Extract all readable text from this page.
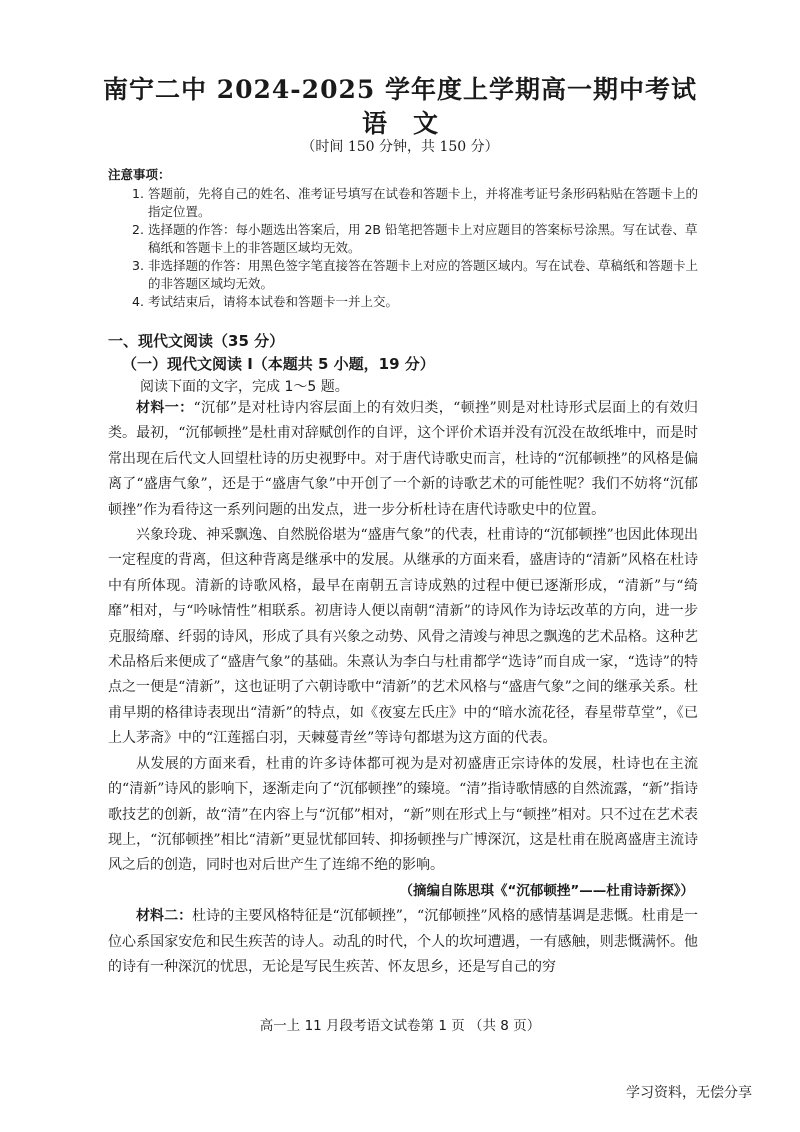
南宁二中 2024-2025 学年度上学期高一期中考试
语文
（时间 150 分钟，共 150 分）
注意事项：
1. 答题前，先将自己的姓名、准考证号填写在试卷和答题卡上，并将准考证号条形码粘贴在答题卡上的指定位置。
2. 选择题的作答：每小题选出答案后，用 2B 铅笔把答题卡上对应题目的答案标号涂黑。写在试卷、草稿纸和答题卡上的非答题区域均无效。
3. 非选择题的作答：用黑色签字笔直接答在答题卡上对应的答题区域内。写在试卷、草稿纸和答题卡上的非答题区域均无效。
4. 考试结束后，请将本试卷和答题卡一并上交。
一、现代文阅读（35 分）
（一）现代文阅读 I（本题共 5 小题，19 分）
阅读下面的文字，完成 1～5 题。

材料一：“沉郁”是对杜诗内容层面上的有效归类，“顿挫”则是对杜诗形式层面上的有效归类。最初，“沉郁顿挫”是杜甫对辞赋创作的自评，这个评价术语并没有沉没在故纸堆中，而是时常出现在后代文人回望杜诗的历史视野中。对于唐代诗歌史而言，杜诗的“沉郁顿挫”的风格是偏离了“盛唐气象”，还是于“盛唐气象”中开创了一个新的诗歌艺术的可能性呢？我们不妨将“沉郁顿挫”作为看待这一系列问题的出发点，进一步分析杜诗在唐代诗歌史中的位置。

兴象玲珑、神采飘逸、自然脱俗堪为“盛唐气象”的代表，杜甫诗的“沉郁顿挫”也因此体现出一定程度的背离，但这种背离是继承中的发展。从继承的方面来看，盛唐诗的“清新”风格在杜诗中有所体现。清新的诗歌风格，最早在南朝五言诗成熟的过程中便已逐渐形成，“清新”与“绮靡”相对，与“吟咏情性”相联系。初唐诗人便以南朝“清新”的诗风作为诗坛改革的方向，进一步克服绮靡、纤弱的诗风，形成了具有兴象之动势、风骨之清竣与神思之飘逸的艺术品格。这种艺术品格后来便成了“盛唐气象”的基础。朱熹认为李白与杜甫都学“选诗”而自成一家，“选诗”的特点之一便是“清新”，这也证明了六朝诗歌中“清新”的艺术风格与“盛唐气象”之间的继承关系。杜甫早期的格律诗表现出“清新”的特点，如《夜宴左氏庄》中的“暗水流花径，春星带草堂”，《已上人茅斋》中的“江莲摇白羽，天棘蔓青丝”等诗句都堪为这方面的代表。

从发展的方面来看，杜甫的许多诗体都可视为是对初盛唐正宗诗体的发展，杜诗也在主流的“清新”诗风的影响下，逐渐走向了“沉郁顿挫”的臻境。“清”指诗歌情感的自然流露，“新”指诗歌技艺的创新，故“清”在内容上与“沉郁”相对，“新”则在形式上与“顿挫”相对。只不过在艺术表现上，“沉郁顿挫”相比“清新”更显忧郁回转、抑扬顿挫与广博深沉，这是杜甫在脱离盛唐主流诗风之后的创造，同时也对后世产生了连绵不绝的影响。

（摘编自陈思琪《“沉郁顿挫”——杜甫诗新探》）

材料二：杜诗的主要风格特征是“沉郁顿挫”，“沉郁顿挫”风格的感情基调是悲慨。杜甫是一位心系国家安危和民生疾苦的诗人。动乱的时代，个人的坎坷遭遇，一有感触，则悲慨满怀。他的诗有一种深沉的忧思，无论是写民生疾苦、怀友思乡，还是写自己的穷

高一上 11 月段考语文试卷第 1 页 （共 8 页）
学习资料，无偿分享
